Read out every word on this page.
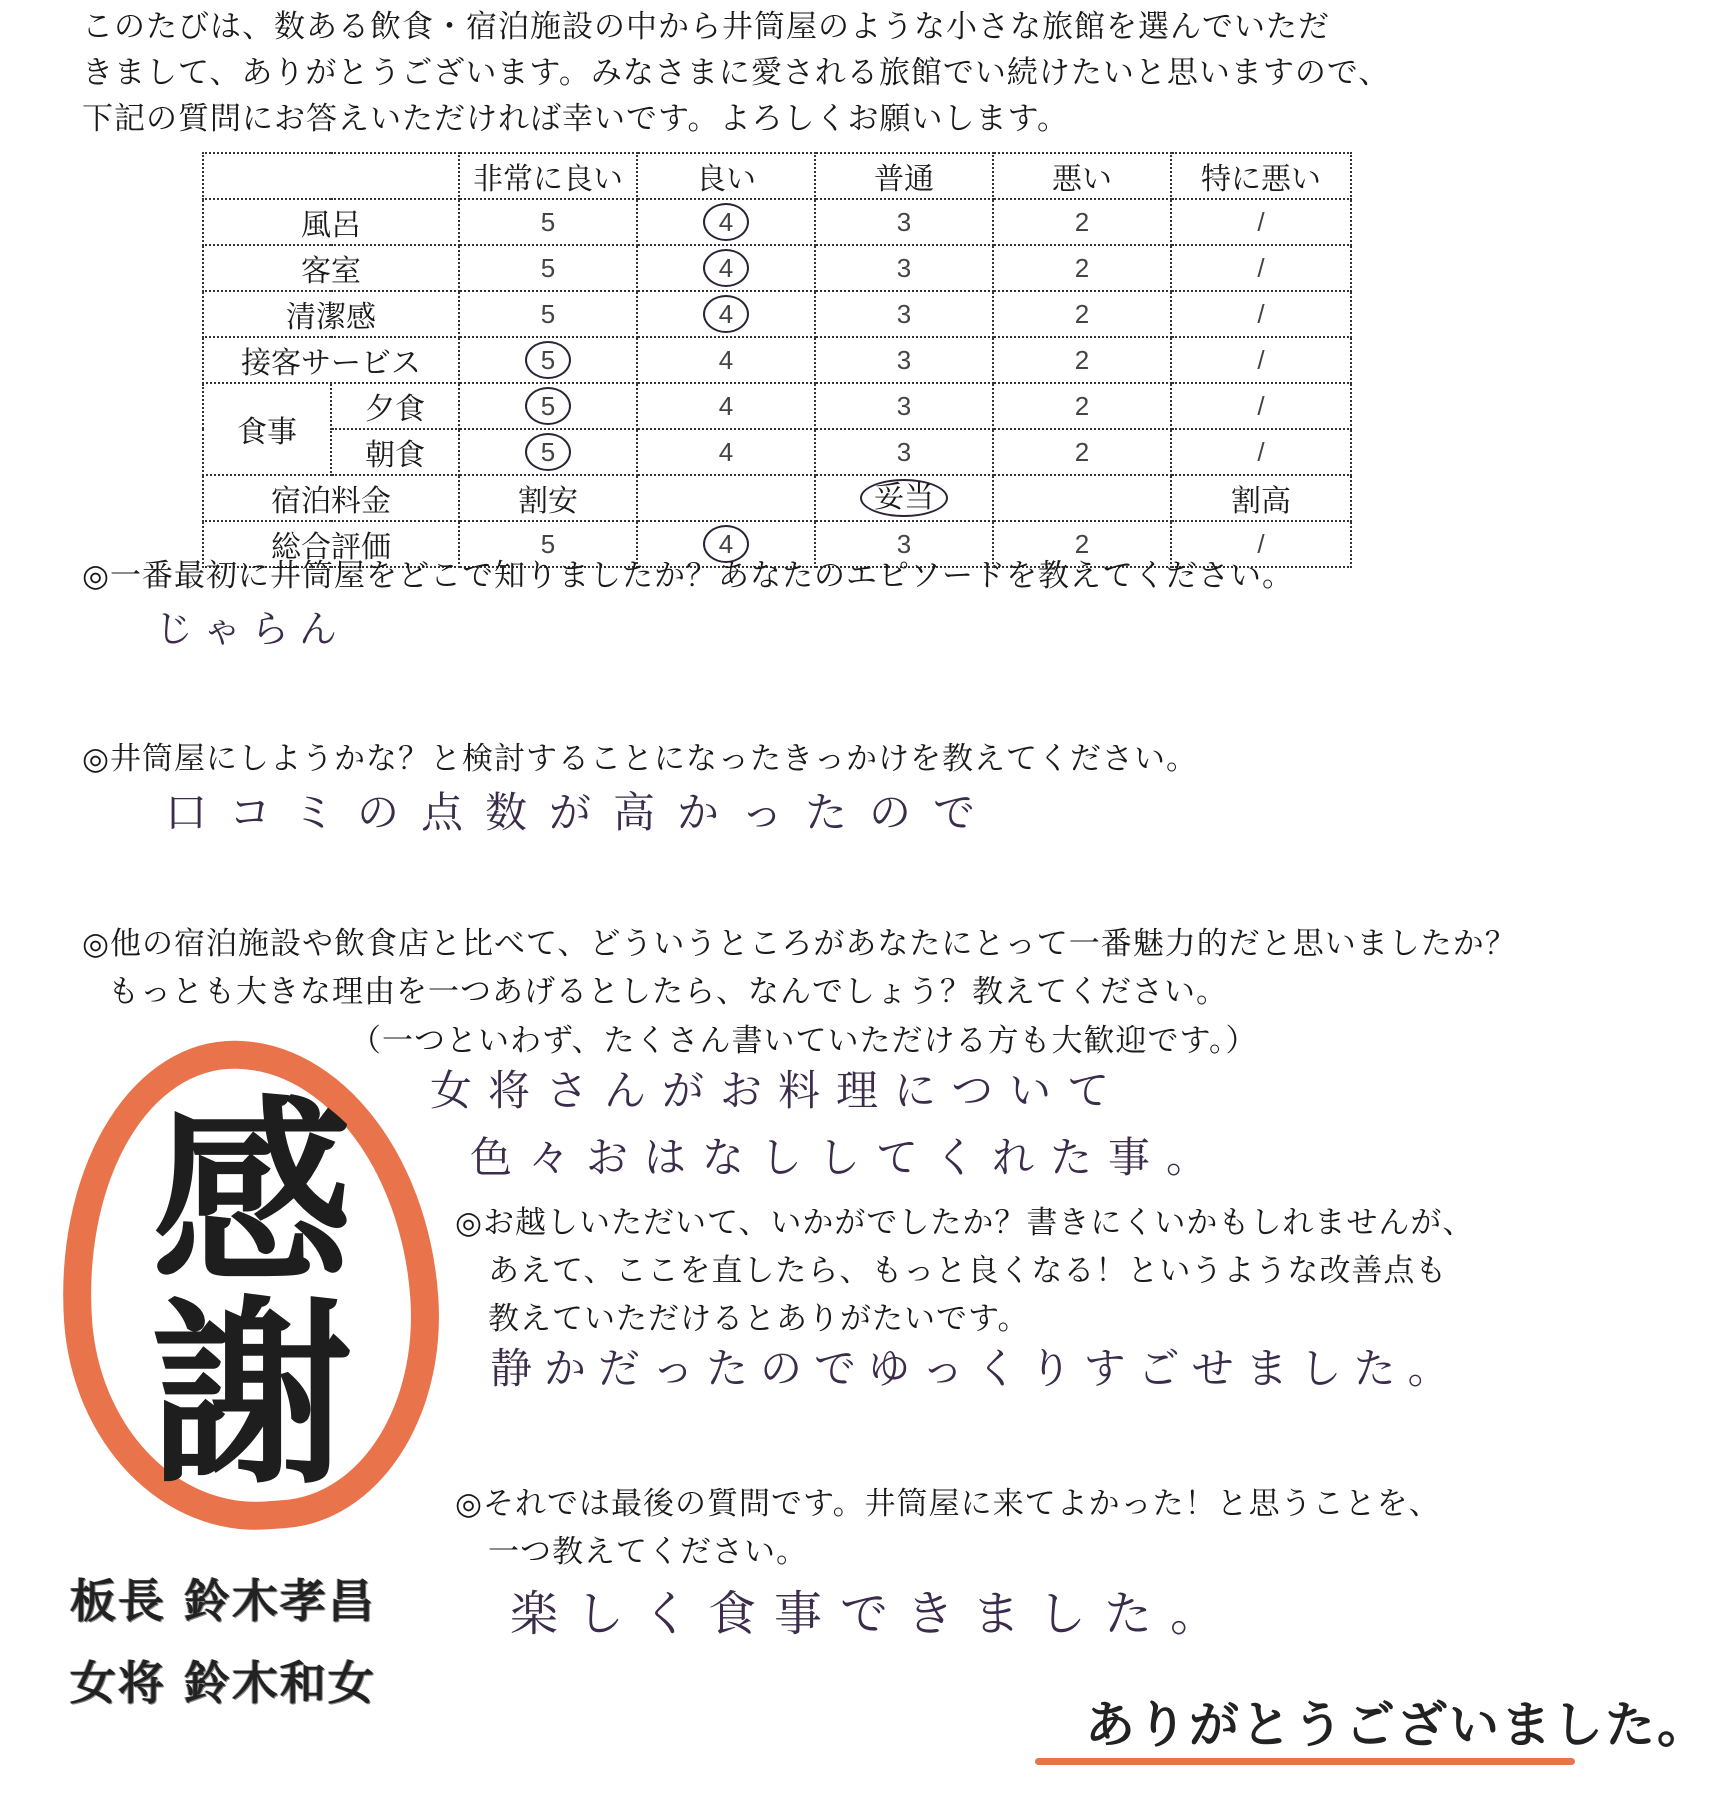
このたびは、数ある飲食・宿泊施設の中から井筒屋のような小さな旅館を選んでいただ
きまして、ありがとうございます。みなさまに愛される旅館でい続けたいと思いますので、
下記の質問にお答えいただければ幸いです。よろしくお願いします。
		非常に良い	良い	普通	悪い	特に悪い
風呂		5	4	3	2	/
客室		5	4	3	2	/
清潔感		5	4	3	2	/
接客サービス		5	4	3	2	/
食事	夕食	5	4	3	2	/
	朝食	5	4	3	2	/
宿泊料金		割安		妥当		割高
総合評価		5	4	3	2	/
◎一番最初に井筒屋をどこで知りましたか？あなたのエピソードを教えてください。
じゃらん
◎井筒屋にしようかな？と検討することになったきっかけを教えてください。
口コミの点数が高かったので
◎他の宿泊施設や飲食店と比べて、どういうところがあなたにとって一番魅力的だと思いましたか？
もっとも大きな理由を一つあげるとしたら、なんでしょう？教えてください。
（一つといわず、たくさん書いていただける方も大歓迎です。）
女将さんがお料理について
色々おはなししてくれた事。
◎お越しいただいて、いかがでしたか？書きにくいかもしれませんが、
あえて、ここを直したら、もっと良くなる！というような改善点も
教えていただけるとありがたいです。
静かだったのでゆっくりすごせました。
◎それでは最後の質問です。井筒屋に来てよかった！と思うことを、
一つ教えてください。
楽しく食事できました。
感
謝
板長 鈴木孝昌
女将 鈴木和女
ありがとうございました。
